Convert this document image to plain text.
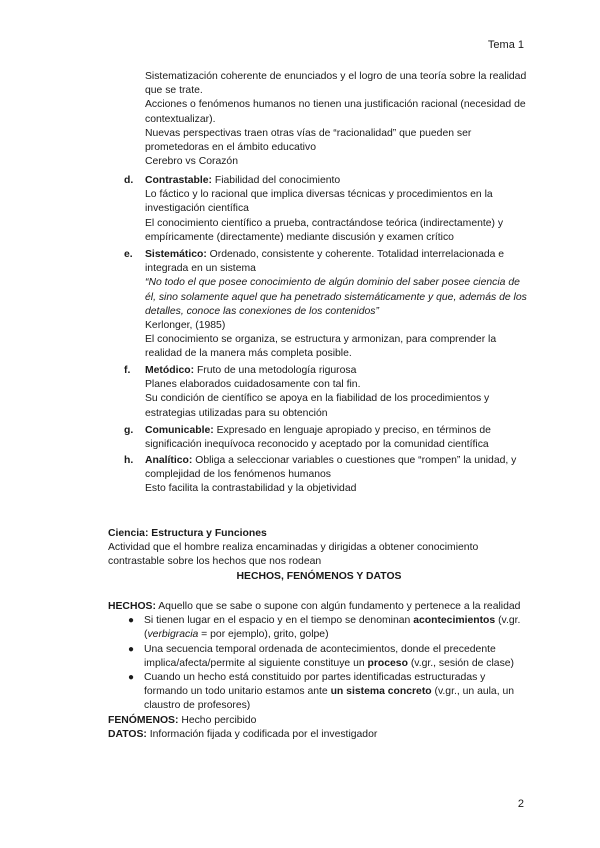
Tema 1

Sistematización coherente de enunciados y el logro de una teoría sobre la realidad que se trate.

Acciones o fenómenos humanos no tienen una justificación racional (necesidad de contextualizar).

Nuevas perspectivas traen otras vías de “racionalidad” que pueden ser prometedoras en el ámbito educativo

Cerebro vs Corazón

d. Contrastable: Fiabilidad del conocimiento

Lo fáctico y lo racional que implica diversas técnicas y procedimientos en la investigación científica

El conocimiento científico a prueba, contractándose teórica (indirectamente) y empíricamente (directamente) mediante discusión y examen crítico

e. Sistemático: Ordenado, consistente y coherente. Totalidad interrelacionada e integrada en un sistema

“No todo el que posee conocimiento de algún dominio del saber posee ciencia de él, sino solamente aquel que ha penetrado sistemáticamente y que, además de los detalles, conoce las conexiones de los contenidos”

Kerlonger, (1985)

El conocimiento se organiza, se estructura y armonizan, para comprender la realidad de la manera más completa posible.

f. Metódico: Fruto de una metodología rigurosa

Planes elaborados cuidadosamente con tal fin.

Su condición de científico se apoya en la fiabilidad de los procedimientos y estrategias utilizadas para su obtención

g. Comunicable: Expresado en lenguaje apropiado y preciso, en términos de significación inequívoca reconocido y aceptado por la comunidad científica

h. Analítico: Obliga a seleccionar variables o cuestiones que “rompen” la unidad, y complejidad de los fenómenos humanos

Esto facilita la contrastabilidad y la objetividad

Ciencia: Estructura y Funciones

Actividad que el hombre realiza encaminadas y dirigidas a obtener conocimiento contrastable sobre los hechos que nos rodean

HECHOS, FENÓMENOS Y DATOS

HECHOS: Aquello que se sabe o supone con algún fundamento y pertenece a la realidad

● Si tienen lugar en el espacio y en el tiempo se denominan acontecimientos (v.gr. (verbigracia = por ejemplo), grito, golpe)
● Una secuencia temporal ordenada de acontecimientos, donde el precedente implica/afecta/permite al siguiente constituye un proceso (v.gr., sesión de clase)
● Cuando un hecho está constituido por partes identificadas estructuradas y formando un todo unitario estamos ante un sistema concreto (v.gr., un aula, un claustro de profesores)

FENÓMENOS: Hecho percibido

DATOS: Información fijada y codificada por el investigador

2
